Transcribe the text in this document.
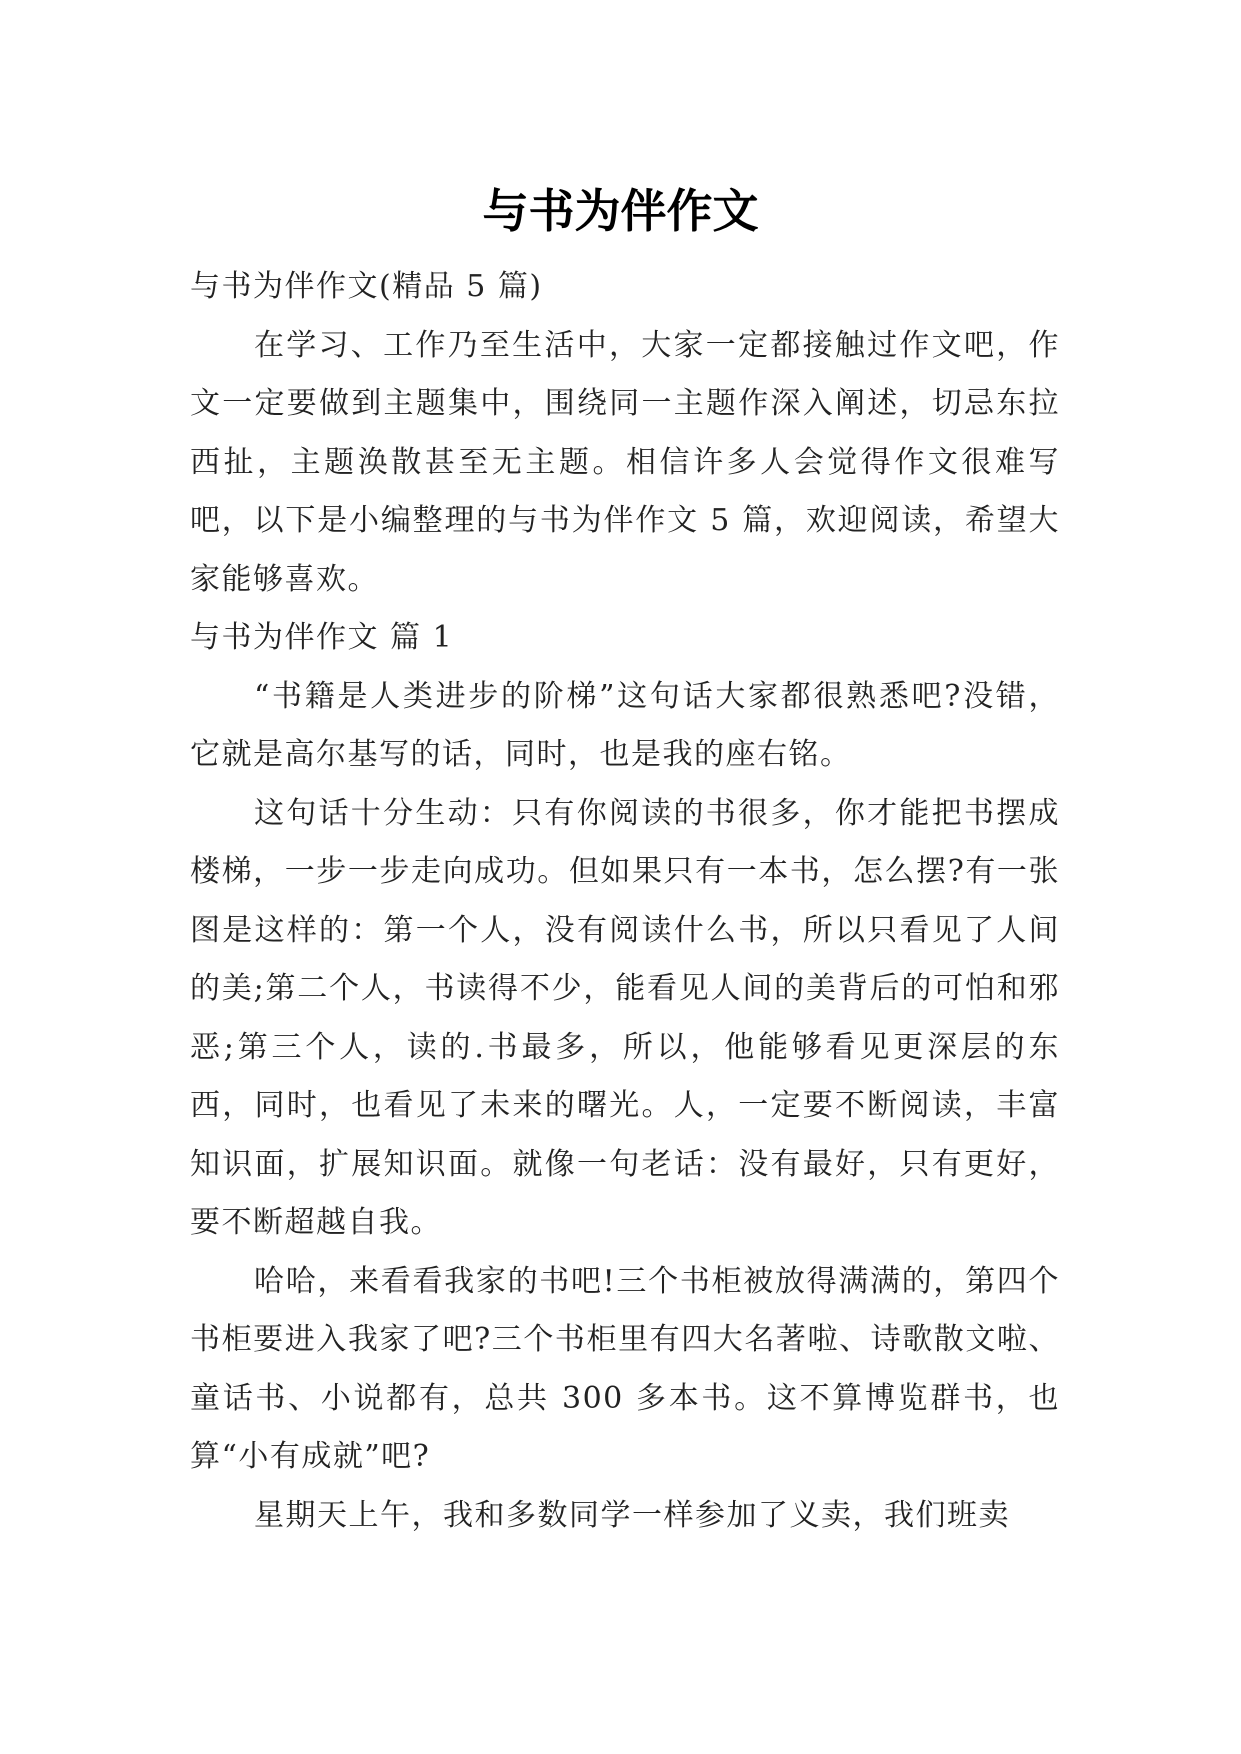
与书为伴作文

与书为伴作文(精品 5 篇)

在学习、工作乃至生活中，大家一定都接触过作文吧，作文一定要做到主题集中，围绕同一主题作深入阐述，切忌东拉西扯，主题涣散甚至无主题。相信许多人会觉得作文很难写吧，以下是小编整理的与书为伴作文 5 篇，欢迎阅读，希望大家能够喜欢。

与书为伴作文 篇 1

“书籍是人类进步的阶梯”这句话大家都很熟悉吧?没错，它就是高尔基写的话，同时，也是我的座右铭。

这句话十分生动：只有你阅读的书很多，你才能把书摆成楼梯，一步一步走向成功。但如果只有一本书，怎么摆?有一张图是这样的：第一个人，没有阅读什么书，所以只看见了人间的美;第二个人，书读得不少，能看见人间的美背后的可怕和邪恶;第三个人，读的.书最多，所以，他能够看见更深层的东西，同时，也看见了未来的曙光。人，一定要不断阅读，丰富知识面，扩展知识面。就像一句老话：没有最好，只有更好，要不断超越自我。

哈哈，来看看我家的书吧!三个书柜被放得满满的，第四个书柜要进入我家了吧?三个书柜里有四大名著啦、诗歌散文啦、童话书、小说都有，总共 300 多本书。这不算博览群书，也算“小有成就”吧?

星期天上午，我和多数同学一样参加了义卖，我们班卖
